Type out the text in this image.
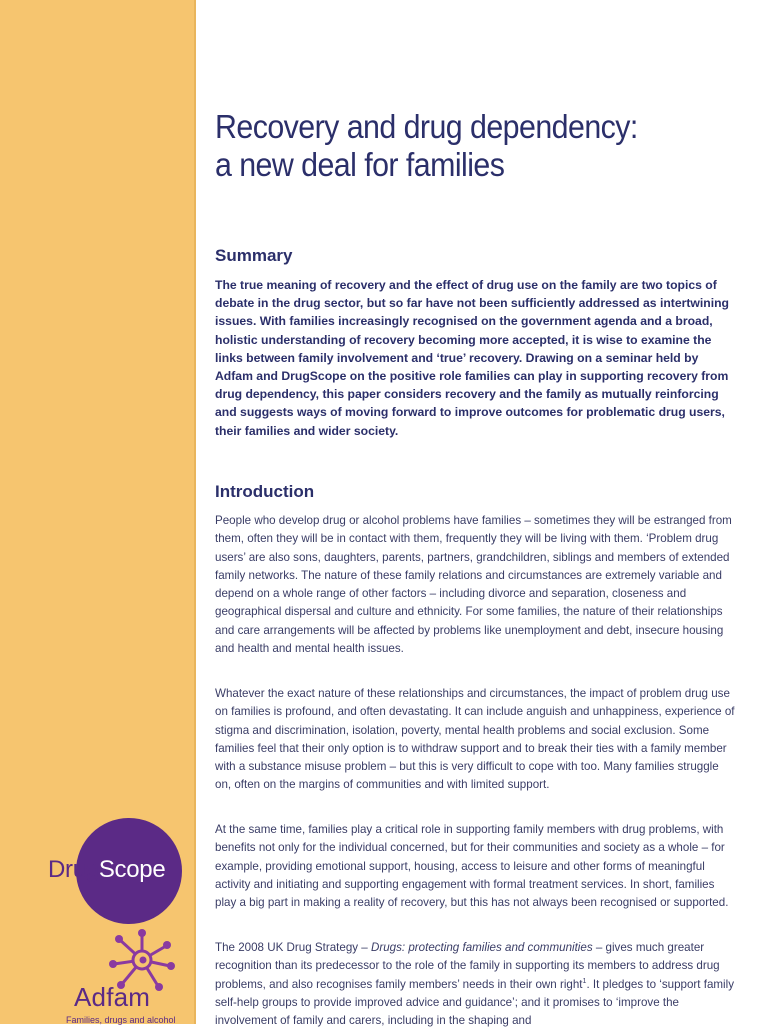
DrugScope
Adfam
Families, drugs and alcohol
Recovery and drug dependency:
a new deal for families
Summary

The true meaning of recovery and the effect of drug use on the family are two topics of debate in the drug sector, but so far have not been sufficiently addressed as intertwining issues. With families increasingly recognised on the government agenda and a broad, holistic understanding of recovery becoming more accepted, it is wise to examine the links between family involvement and ‘true’ recovery. Drawing on a seminar held by Adfam and DrugScope on the positive role families can play in supporting recovery from drug dependency, this paper considers recovery and the family as mutually reinforcing and suggests ways of moving forward to improve outcomes for problematic drug users, their families and wider society.

Introduction

People who develop drug or alcohol problems have families – sometimes they will be estranged from them, often they will be in contact with them, frequently they will be living with them. ‘Problem drug users’ are also sons, daughters, parents, partners, grandchildren, siblings and members of extended family networks. The nature of these family relations and circumstances are extremely variable and depend on a whole range of other factors – including divorce and separation, closeness and geographical dispersal and culture and ethnicity. For some families, the nature of their relationships and care arrangements will be affected by problems like unemployment and debt, insecure housing and health and mental health issues.

Whatever the exact nature of these relationships and circumstances, the impact of problem drug use on families is profound, and often devastating. It can include anguish and unhappiness, experience of stigma and discrimination, isolation, poverty, mental health problems and social exclusion. Some families feel that their only option is to withdraw support and to break their ties with a family member with a substance misuse problem – but this is very difficult to cope with too. Many families struggle on, often on the margins of communities and with limited support.

At the same time, families play a critical role in supporting family members with drug problems, with benefits not only for the individual concerned, but for their communities and society as a whole – for example, providing emotional support, housing, access to leisure and other forms of meaningful activity and initiating and supporting engagement with formal treatment services. In short, families play a big part in making a reality of recovery, but this has not always been recognised or supported.

The 2008 UK Drug Strategy – Drugs: protecting families and communities – gives much greater recognition than its predecessor to the role of the family in supporting its members to address drug problems, and also recognises family members’ needs in their own right$^1$. It pledges to ‘support family self-help groups to provide improved advice and guidance’; and it promises to ‘improve the involvement of family and carers, including in the shaping and
